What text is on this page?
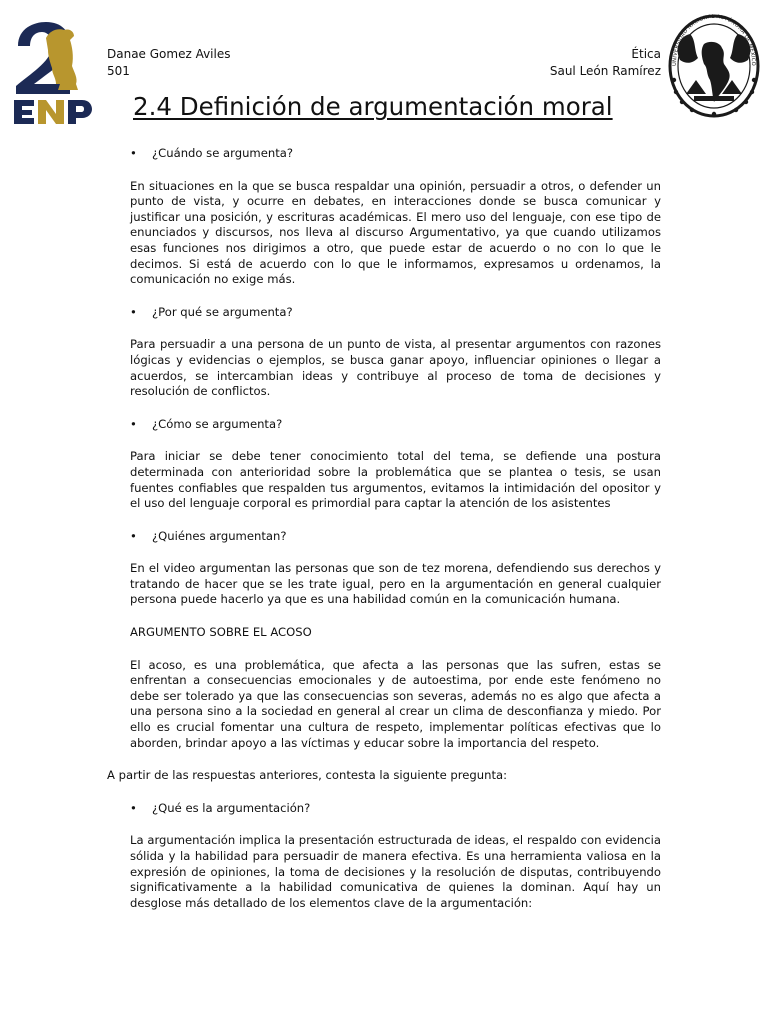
UNIVERSIDAD NACIONAL AUTÓNOMA DE MÉXICO
Danae Gomez Aviles
501
Ética
Saul León Ramírez
2.4 Definición de argumentación moral
• ¿Cuándo se argumenta?

En situaciones en la que se busca respaldar una opinión, persuadir a otros, o defender un punto de vista, y ocurre en debates, en interacciones donde se busca comunicar y justificar una posición, y escrituras académicas. El mero uso del lenguaje, con ese tipo de enunciados y discursos, nos lleva al discurso Argumentativo, ya que cuando utilizamos esas funciones nos dirigimos a otro, que puede estar de acuerdo o no con lo que le decimos. Si está de acuerdo con lo que le informamos, expresamos u ordenamos, la comunicación no exige más.

• ¿Por qué se argumenta?

Para persuadir a una persona de un punto de vista, al presentar argumentos con razones lógicas y evidencias o ejemplos, se busca ganar apoyo, influenciar opiniones o llegar a acuerdos, se intercambian ideas y contribuye al proceso de toma de decisiones y resolución de conflictos.

• ¿Cómo se argumenta?

Para iniciar se debe tener conocimiento total del tema, se defiende una postura determinada con anterioridad sobre la problemática que se plantea o tesis, se usan fuentes confiables que respalden tus argumentos, evitamos la intimidación del opositor y el uso del lenguaje corporal es primordial para captar la atención de los asistentes

• ¿Quiénes argumentan?

En el video argumentan las personas que son de tez morena, defendiendo sus derechos y tratando de hacer que se les trate igual, pero en la argumentación en general cualquier persona puede hacerlo ya que es una habilidad común en la comunicación humana.

ARGUMENTO SOBRE EL ACOSO

El acoso, es una problemática, que afecta a las personas que las sufren, estas se enfrentan a consecuencias emocionales y de autoestima, por ende este fenómeno no debe ser tolerado ya que las consecuencias son severas, además no es algo que afecta a una persona sino a la sociedad en general al crear un clima de desconfianza y miedo. Por ello es crucial fomentar una cultura de respeto, implementar políticas efectivas que lo aborden, brindar apoyo a las víctimas y educar sobre la importancia del respeto.

A partir de las respuestas anteriores, contesta la siguiente pregunta:

• ¿Qué es la argumentación?

La argumentación implica la presentación estructurada de ideas, el respaldo con evidencia sólida y la habilidad para persuadir de manera efectiva. Es una herramienta valiosa en la expresión de opiniones, la toma de decisiones y la resolución de disputas, contribuyendo significativamente a la habilidad comunicativa de quienes la dominan. Aquí hay un desglose más detallado de los elementos clave de la argumentación:
